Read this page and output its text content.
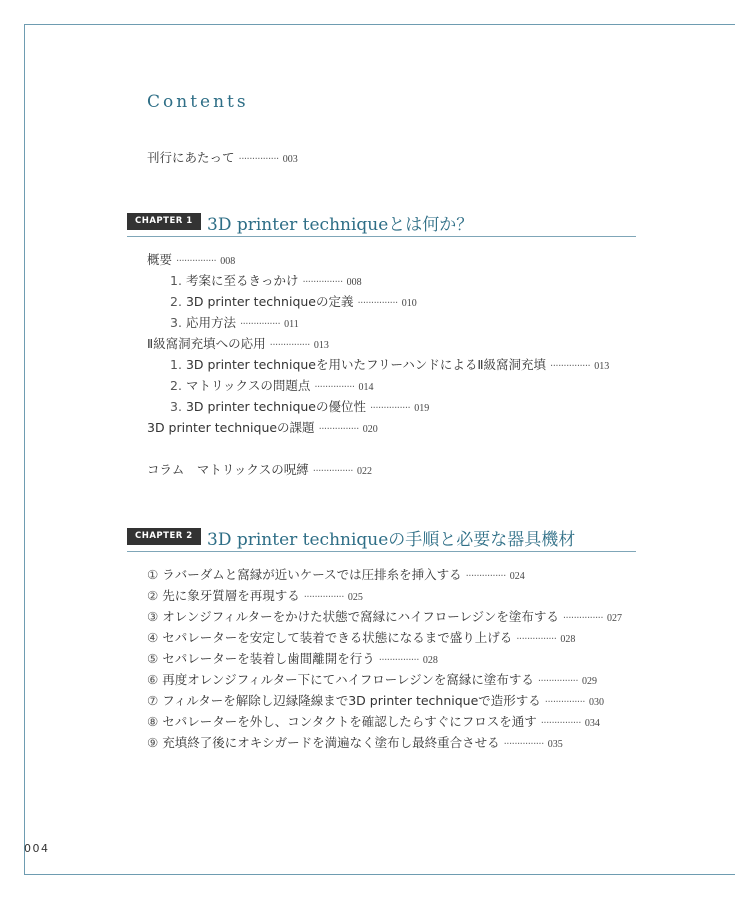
Contents
刊行にあたって ··············· 003
CHAPTER 1 3D printer techniqueとは何か？
概要 ··············· 008
1. 考案に至るきっかけ ··············· 008
2. 3D printer techniqueの定義 ··············· 010
3. 応用方法 ··············· 011
Ⅱ級窩洞充填への応用 ··············· 013
1. 3D printer techniqueを用いたフリーハンドによるⅡ級窩洞充填 ··············· 013
2. マトリックスの問題点 ··············· 014
3. 3D printer techniqueの優位性 ··············· 019
3D printer techniqueの課題 ··············· 020
コラム　マトリックスの呪縛 ··············· 022
CHAPTER 2 3D printer techniqueの手順と必要な器具機材
① ラバーダムと窩縁が近いケースでは圧排糸を挿入する ··············· 024
② 先に象牙質層を再現する ··············· 025
③ オレンジフィルターをかけた状態で窩縁にハイフローレジンを塗布する ··············· 027
④ セパレーターを安定して装着できる状態になるまで盛り上げる ··············· 028
⑤ セパレーターを装着し歯間離開を行う ··············· 028
⑥ 再度オレンジフィルター下にてハイフローレジンを窩縁に塗布する ··············· 029
⑦ フィルターを解除し辺縁隆線まで3D printer techniqueで造形する ··············· 030
⑧ セパレーターを外し、コンタクトを確認したらすぐにフロスを通す ··············· 034
⑨ 充填終了後にオキシガードを満遍なく塗布し最終重合させる ··············· 035
004
